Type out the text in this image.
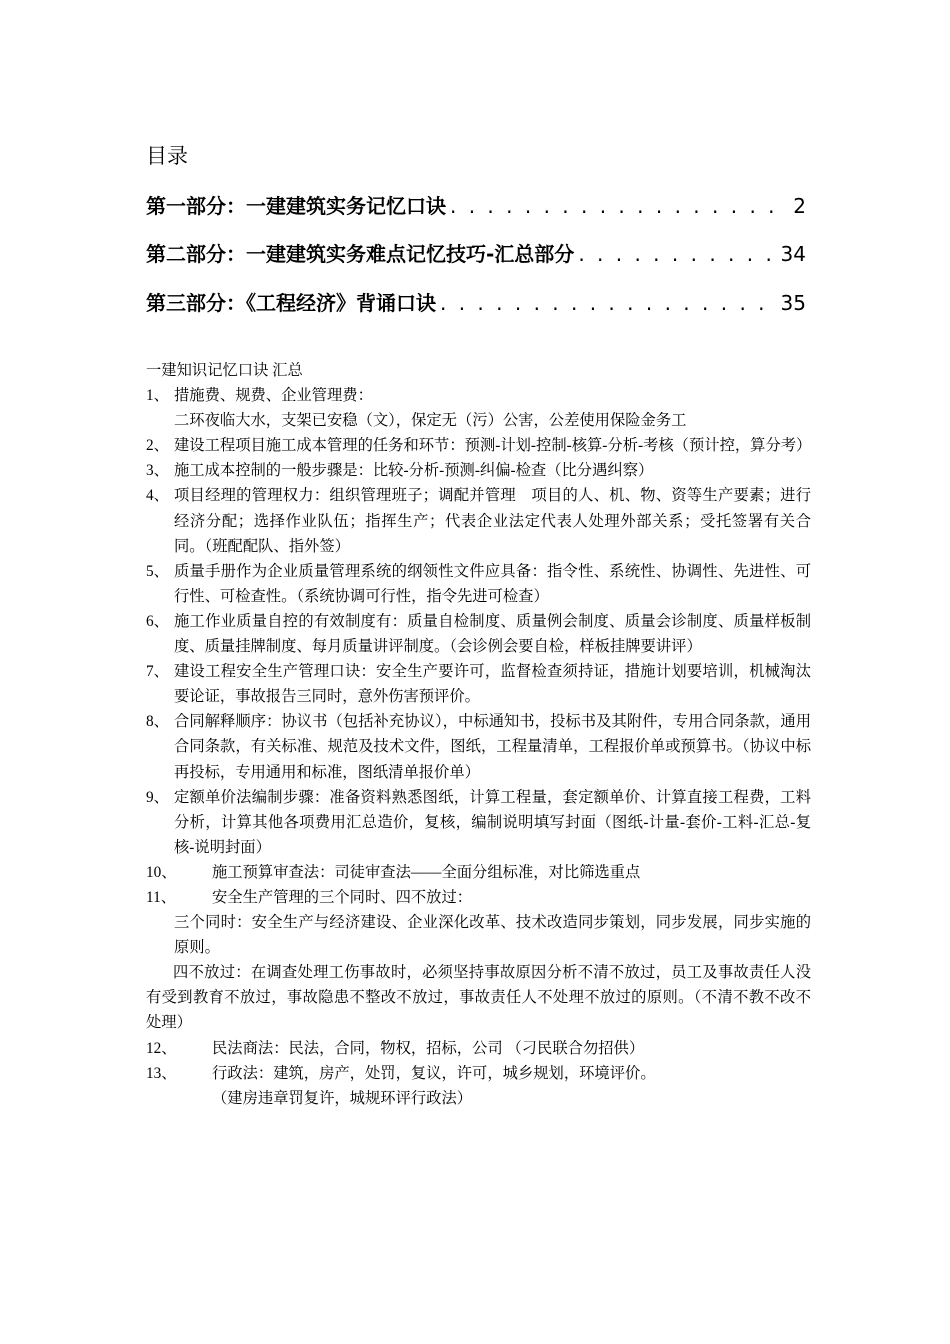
目录
第一部分：一建建筑实务记忆口诀 . . .	2
第二部分：一建建筑实务难点记忆技巧-汇总部分 . . .	34
第三部分：《工程经济》背诵口诀 . . .	35
一建知识记忆口诀 汇总
1、 措施费、规费、企业管理费：
二环夜临大水，支架已安稳（文），保定无（污）公害，公差使用保险金务工
2、 建设工程项目施工成本管理的任务和环节：预测-计划-控制-核算-分析-考核（预计控，算分考）
3、 施工成本控制的一般步骤是：比较-分析-预测-纠偏-检查（比分遇纠察）
4、 项目经理的管理权力：组织管理班子；调配并管理　项目的人、机、物、资等生产要素；进行经济分配；选择作业队伍；指挥生产；代表企业法定代表人处理外部关系；受托签署有关合同。（班配配队、指外签）
5、 质量手册作为企业质量管理系统的纲领性文件应具备：指令性、系统性、协调性、先进性、可行性、可检查性。（系统协调可行性，指令先进可检查）
6、 施工作业质量自控的有效制度有：质量自检制度、质量例会制度、质量会诊制度、质量样板制度、质量挂牌制度、每月质量讲评制度。（会诊例会要自检，样板挂牌要讲评）
7、 建设工程安全生产管理口诀：安全生产要许可，监督检查须持证，措施计划要培训，机械淘汰要论证，事故报告三同时，意外伤害预评价。
8、 合同解释顺序：协议书（包括补充协议），中标通知书，投标书及其附件，专用合同条款，通用合同条款，有关标准、规范及技术文件，图纸，工程量清单，工程报价单或预算书。（协议中标再投标，专用通用和标准，图纸清单报价单）
9、 定额单价法编制步骤：准备资料熟悉图纸，计算工程量，套定额单价、计算直接工程费，工料分析，计算其他各项费用汇总造价，复核，编制说明填写封面（图纸-计量-套价-工料-汇总-复核-说明封面）
10、	施工预算审查法：司徒审查法——全面分组标准，对比筛选重点
11、	安全生产管理的三个同时、四不放过：
三个同时：安全生产与经济建设、企业深化改革、技术改造同步策划，同步发展，同步实施的原则。
四不放过：在调查处理工伤事故时，必须坚持事故原因分析不清不放过，员工及事故责任人没有受到教育不放过，事故隐患不整改不放过，事故责任人不处理不放过的原则。（不清不教不改不处理）
12、	民法商法：民法，合同，物权，招标，公司 （刁民联合勿招供）
13、	行政法：建筑，房产，处罚，复议，许可，城乡规划，环境评价。
（建房违章罚复许，城规环评行政法）
